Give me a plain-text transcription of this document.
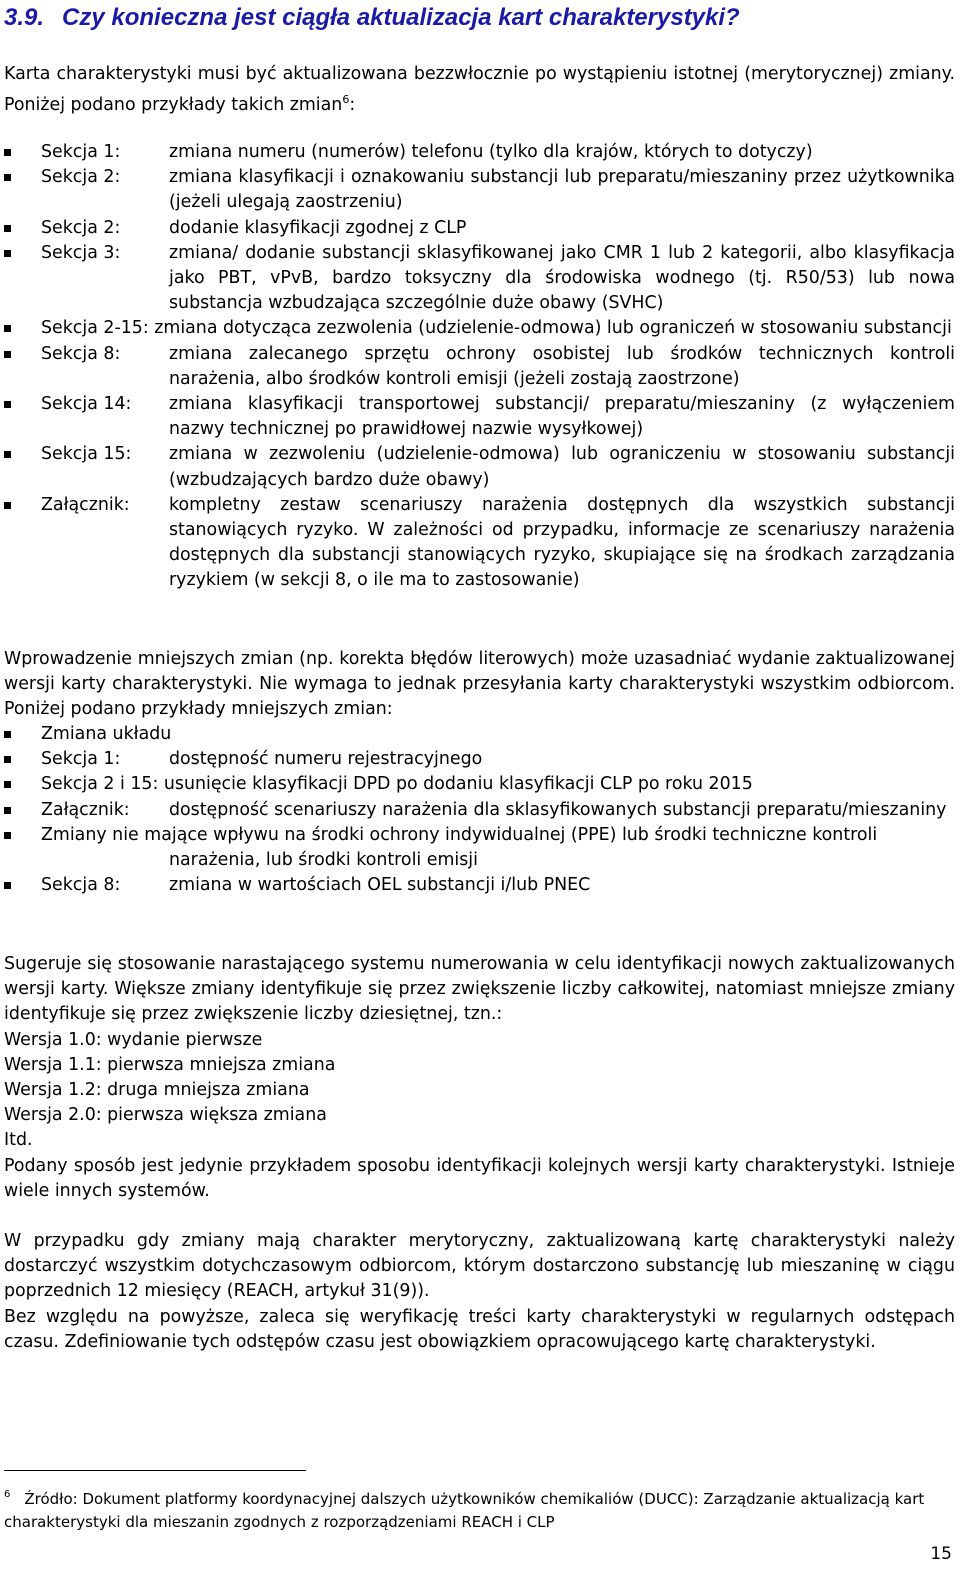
3.9. Czy konieczna jest ciągła aktualizacja kart charakterystyki?
Karta charakterystyki musi być aktualizowana bezzwłocznie po wystąpieniu istotnej (merytorycznej) zmiany. Poniżej podano przykłady takich zmian$^6$:
Sekcja 1:	zmiana numeru (numerów) telefonu (tylko dla krajów, których to dotyczy)
Sekcja 2:	zmiana klasyfikacji i oznakowaniu substancji lub preparatu/mieszaniny przez użytkownika (jeżeli ulegają zaostrzeniu)
Sekcja 2:	dodanie klasyfikacji zgodnej z CLP
Sekcja 3:	zmiana/ dodanie substancji sklasyfikowanej jako CMR 1 lub 2 kategorii, albo klasyfikacja jako PBT, vPvB, bardzo toksyczny dla środowiska wodnego (tj. R50/53) lub nowa substancja wzbudzająca szczególnie duże obawy (SVHC)
Sekcja 2-15: zmiana dotycząca zezwolenia (udzielenie-odmowa) lub ograniczeń w stosowaniu substancji
Sekcja 8:	zmiana zalecanego sprzętu ochrony osobistej lub środków technicznych kontroli narażenia, albo środków kontroli emisji (jeżeli zostają zaostrzone)
Sekcja 14:	zmiana klasyfikacji transportowej substancji/ preparatu/mieszaniny (z wyłączeniem nazwy technicznej po prawidłowej nazwie wysyłkowej)
Sekcja 15:	zmiana w zezwoleniu (udzielenie-odmowa) lub ograniczeniu w stosowaniu substancji (wzbudzających bardzo duże obawy)
Załącznik:	kompletny zestaw scenariuszy narażenia dostępnych dla wszystkich substancji stanowiących ryzyko. W zależności od przypadku, informacje ze scenariuszy narażenia dostępnych dla substancji stanowiących ryzyko, skupiające się na środkach zarządzania ryzykiem (w sekcji 8, o ile ma to zastosowanie)
Wprowadzenie mniejszych zmian (np. korekta błędów literowych) może uzasadniać wydanie zaktualizowanej wersji karty charakterystyki. Nie wymaga to jednak przesyłania karty charakterystyki wszystkim odbiorcom. Poniżej podano przykłady mniejszych zmian:
Zmiana układu
Sekcja 1:	dostępność numeru rejestracyjnego
Sekcja 2 i 15: usunięcie klasyfikacji DPD po dodaniu klasyfikacji CLP po roku 2015
Załącznik:	dostępność scenariuszy narażenia dla sklasyfikowanych substancji preparatu/mieszaniny
Zmiany nie mające wpływu na środki ochrony indywidualnej (PPE) lub środki techniczne kontroli
narażenia, lub środki kontroli emisji
Sekcja 8:	zmiana w wartościach OEL substancji i/lub PNEC
Sugeruje się stosowanie narastającego systemu numerowania w celu identyfikacji nowych zaktualizowanych wersji karty. Większe zmiany identyfikuje się przez zwiększenie liczby całkowitej, natomiast mniejsze zmiany identyfikuje się przez zwiększenie liczby dziesiętnej, tzn.:
Wersja 1.0: wydanie pierwsze
Wersja 1.1: pierwsza mniejsza zmiana
Wersja 1.2: druga mniejsza zmiana
Wersja 2.0: pierwsza większa zmiana
Itd.
Podany sposób jest jedynie przykładem sposobu identyfikacji kolejnych wersji karty charakterystyki. Istnieje wiele innych systemów.
W przypadku gdy zmiany mają charakter merytoryczny, zaktualizowaną kartę charakterystyki należy dostarczyć wszystkim dotychczasowym odbiorcom, którym dostarczono substancję lub mieszaninę w ciągu poprzednich 12 miesięcy (REACH, artykuł 31(9)).
Bez względu na powyższe, zaleca się weryfikację treści karty charakterystyki w regularnych odstępach czasu. Zdefiniowanie tych odstępów czasu jest obowiązkiem opracowującego kartę charakterystyki.
$^6$ Źródło: Dokument platformy koordynacyjnej dalszych użytkowników chemikaliów (DUCC): Zarządzanie aktualizacją kart charakterystyki dla mieszanin zgodnych z rozporządzeniami REACH i CLP
15
